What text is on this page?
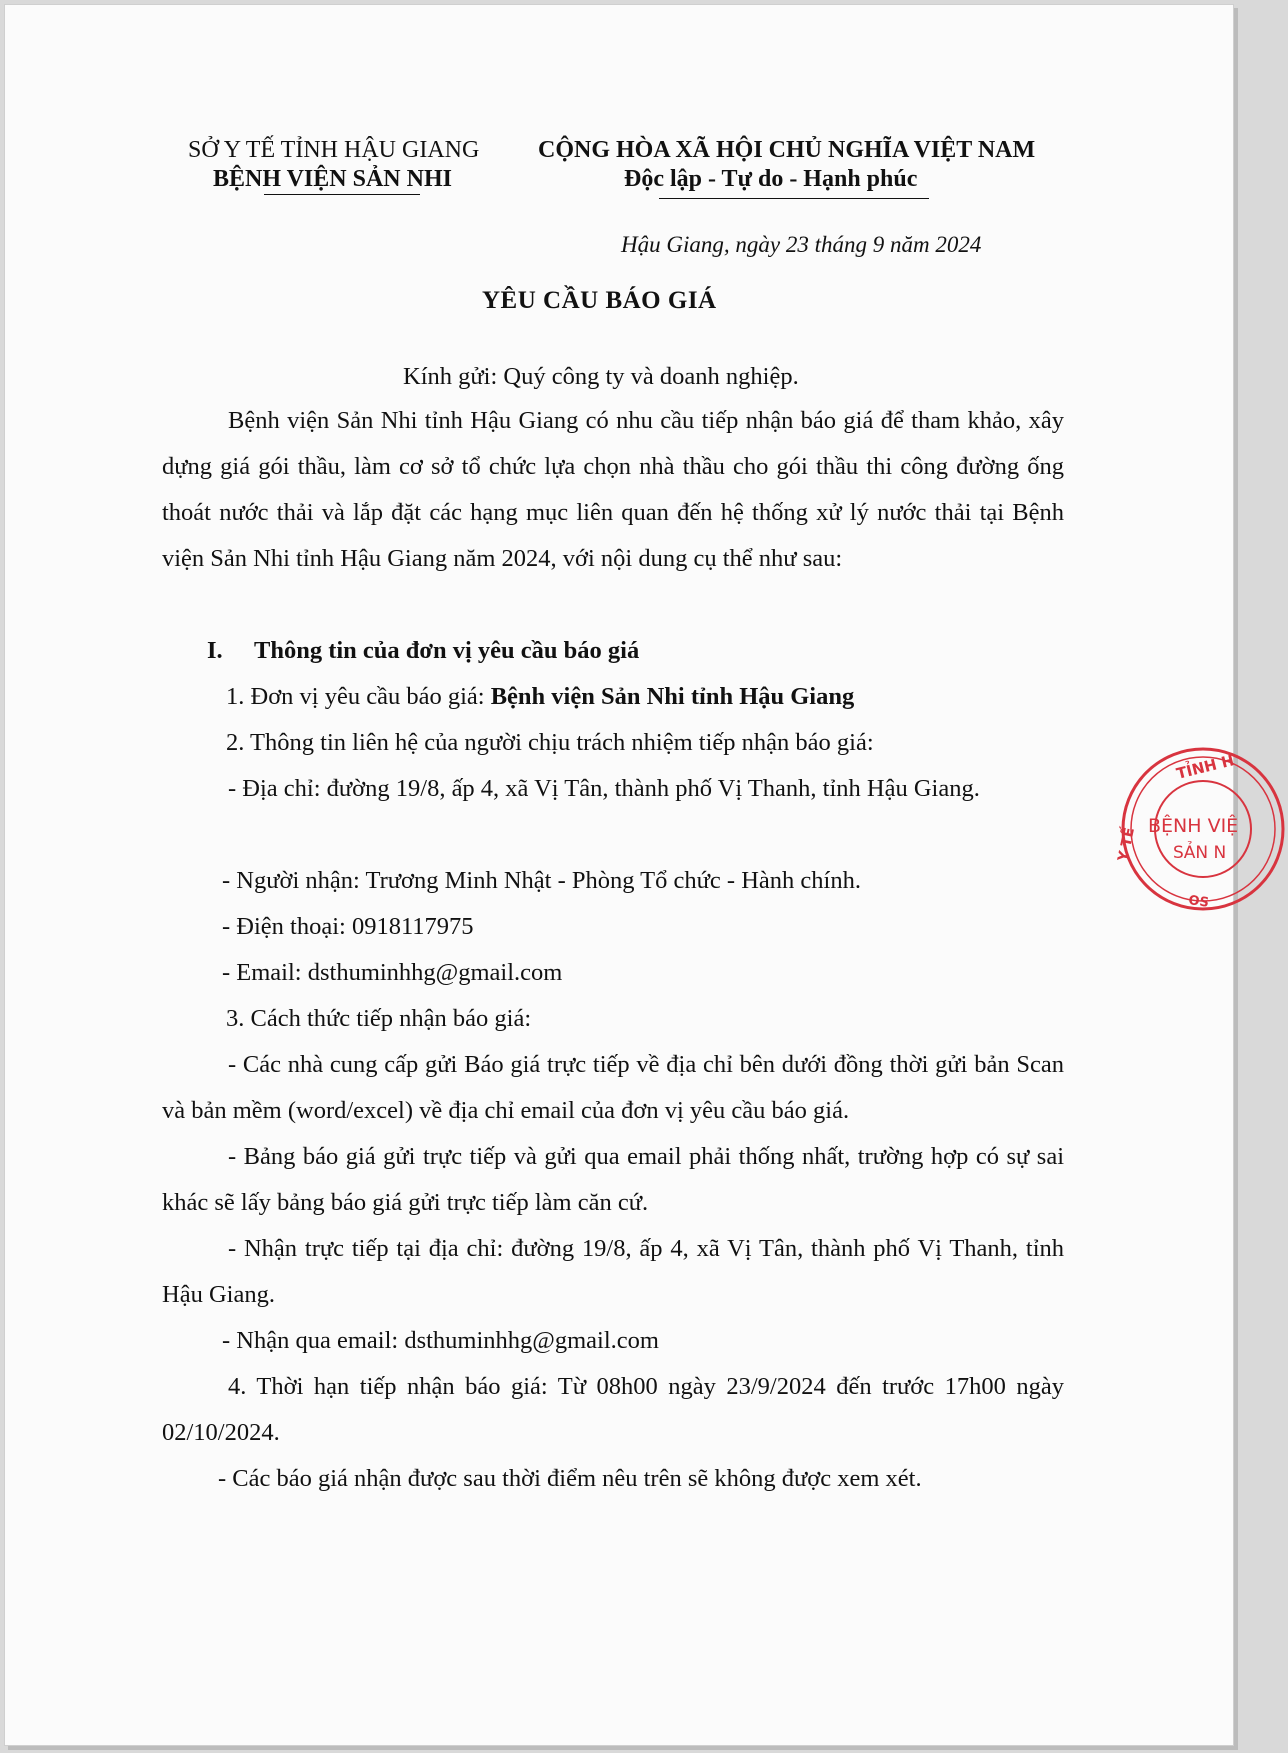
SỞ Y TẾ TỈNH HẬU GIANG
BỆNH VIỆN SẢN NHI
CỘNG HÒA XÃ HỘI CHỦ NGHĨA VIỆT NAM
Độc lập - Tự do - Hạnh phúc
Hậu Giang, ngày 23 tháng 9 năm 2024
YÊU CẦU BÁO GIÁ
Kính gửi: Quý công ty và doanh nghiệp.
Bệnh viện Sản Nhi tỉnh Hậu Giang có nhu cầu tiếp nhận báo giá để tham khảo, xây dựng giá gói thầu, làm cơ sở tổ chức lựa chọn nhà thầu cho gói thầu thi công đường ống thoát nước thải và lắp đặt các hạng mục liên quan đến hệ thống xử lý nước thải tại Bệnh viện Sản Nhi tỉnh Hậu Giang năm 2024, với nội dung cụ thể như sau:
I. Thông tin của đơn vị yêu cầu báo giá
1. Đơn vị yêu cầu báo giá: Bệnh viện Sản Nhi tỉnh Hậu Giang
2. Thông tin liên hệ của người chịu trách nhiệm tiếp nhận báo giá:
- Địa chỉ: đường 19/8, ấp 4, xã Vị Tân, thành phố Vị Thanh, tỉnh Hậu Giang.
- Người nhận: Trương Minh Nhật - Phòng Tổ chức - Hành chính.
- Điện thoại: 0918117975
- Email: dsthuminhhg@gmail.com
3. Cách thức tiếp nhận báo giá:
- Các nhà cung cấp gửi Báo giá trực tiếp về địa chỉ bên dưới đồng thời gửi bản Scan và bản mềm (word/excel) về địa chỉ email của đơn vị yêu cầu báo giá.
- Bảng báo giá gửi trực tiếp và gửi qua email phải thống nhất, trường hợp có sự sai khác sẽ lấy bảng báo giá gửi trực tiếp làm căn cứ.
- Nhận trực tiếp tại địa chỉ: đường 19/8, ấp 4, xã Vị Tân, thành phố Vị Thanh, tỉnh Hậu Giang.
- Nhận qua email: dsthuminhhg@gmail.com
4. Thời hạn tiếp nhận báo giá: Từ 08h00 ngày 23/9/2024 đến trước 17h00 ngày 02/10/2024.
- Các báo giá nhận được sau thời điểm nêu trên sẽ không được xem xét.
TỈNH H
Y TẾ
BỆNH VIỆ
SẢN N
OS
